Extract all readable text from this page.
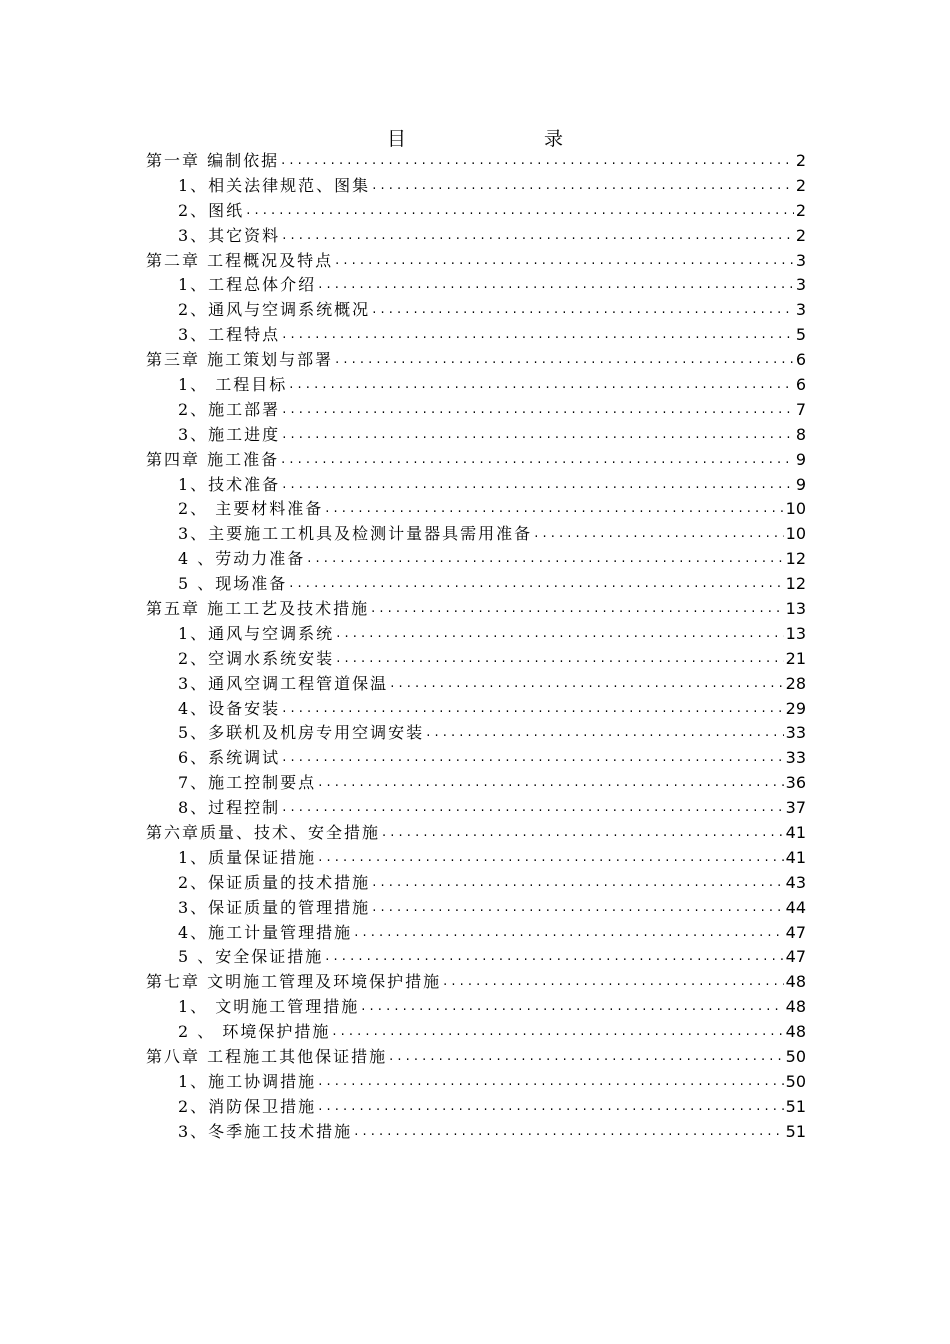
目	录
第一章 编制依据 . . .	2
1、相关法律规范、图集 . . .	2
2、图纸 . . .	2
3、其它资料 . . .	2
第二章 工程概况及特点 . . .	3
1、工程总体介绍 . . .	3
2、通风与空调系统概况 . . .	3
3、工程特点 . . .	5
第三章 施工策划与部署 . . .	6
1、 工程目标 . . .	6
2、施工部署 . . .	7
3、施工进度 . . .	8
第四章 施工准备 . . .	9
1、技术准备 . . .	9
2、 主要材料准备 . . .	10
3、主要施工工机具及检测计量器具需用准备 . . .	10
4 、劳动力准备 . . .	12
5 、现场准备 . . .	12
第五章 施工工艺及技术措施 . . .	13
1、通风与空调系统 . . .	13
2、空调水系统安装 . . .	21
3、通风空调工程管道保温 . . .	28
4、设备安装 . . .	29
5、多联机及机房专用空调安装 . . .	33
6、系统调试 . . .	33
7、施工控制要点 . . .	36
8、过程控制 . . .	37
第六章质量、技术、安全措施 . . .	41
1、质量保证措施 . . .	41
2、保证质量的技术措施 . . .	43
3、保证质量的管理措施 . . .	44
4、施工计量管理措施 . . .	47
5 、安全保证措施 . . .	47
第七章 文明施工管理及环境保护措施 . . .	48
1、 文明施工管理措施 . . .	48
2 、 环境保护措施 . . .	48
第八章 工程施工其他保证措施 . . .	50
1、施工协调措施 . . .	50
2、消防保卫措施 . . .	51
3、冬季施工技术措施 . . .	51
